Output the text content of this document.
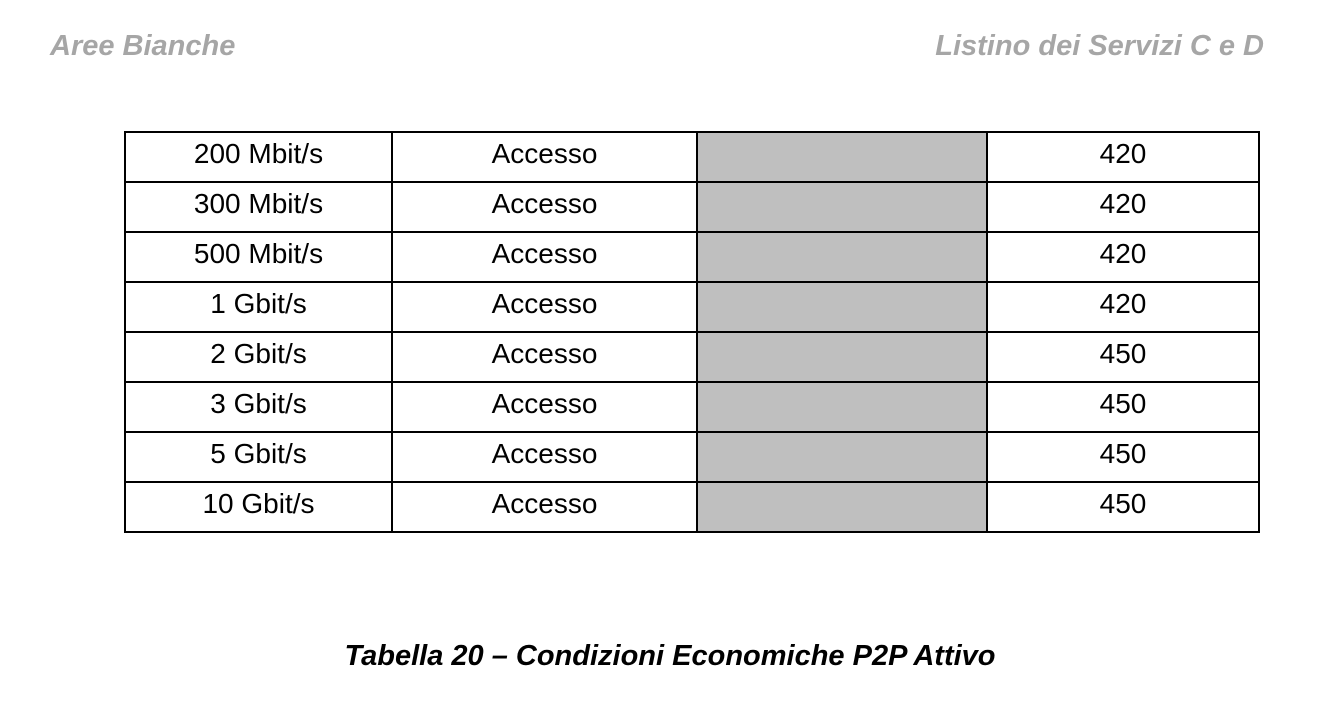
Aree Bianche	Listino dei Servizi C e D
200 Mbit/s	Accesso		420
300 Mbit/s	Accesso		420
500 Mbit/s	Accesso		420
1 Gbit/s	Accesso		420
2 Gbit/s	Accesso		450
3 Gbit/s	Accesso		450
5 Gbit/s	Accesso		450
10 Gbit/s	Accesso		450
Tabella 20 – Condizioni Economiche P2P Attivo
